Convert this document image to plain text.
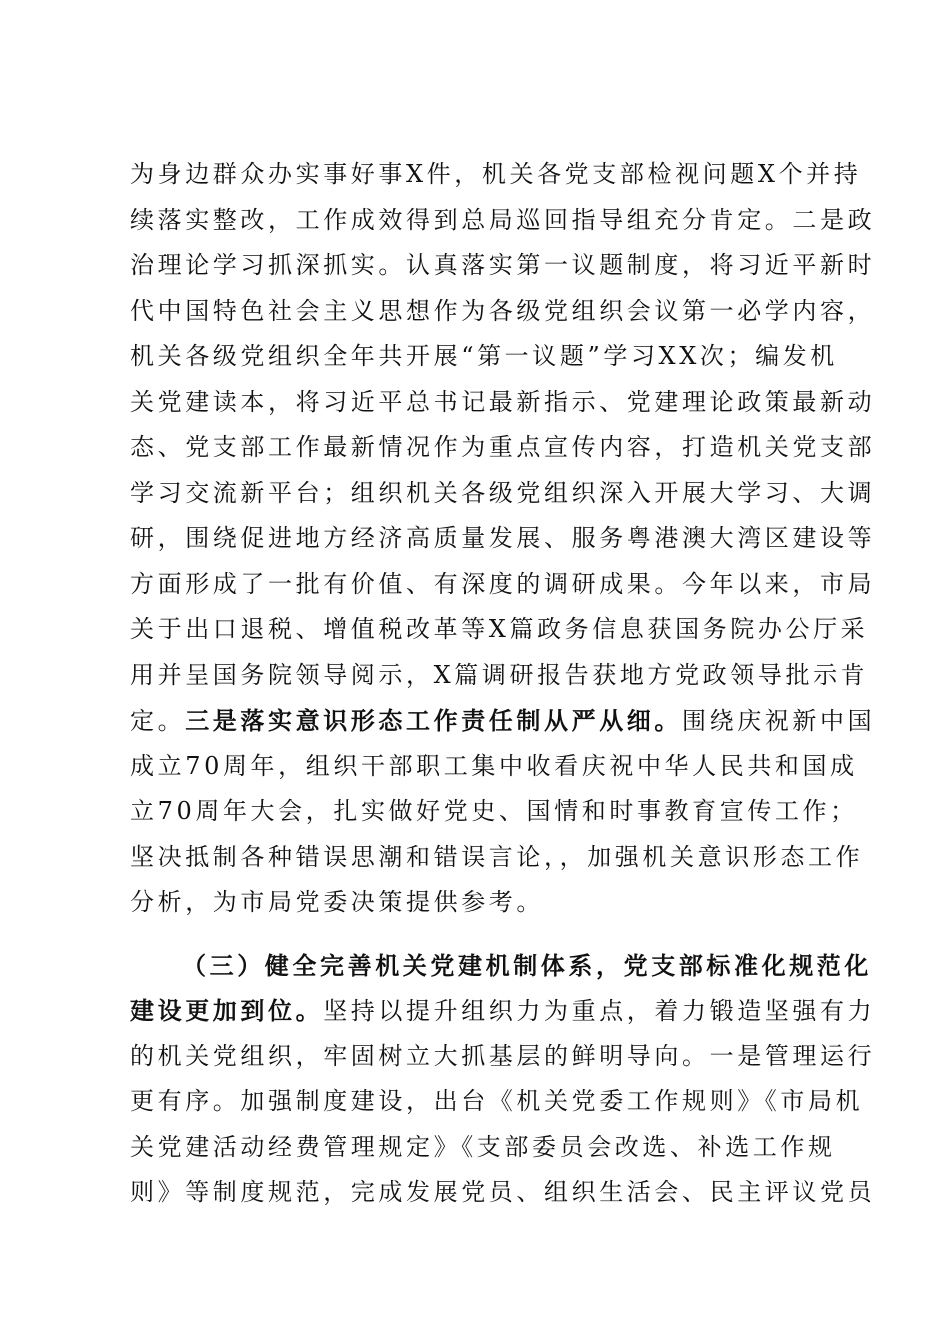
为身边群众办实事好事X件，机关各党支部检视问题X个并持
续落实整改，工作成效得到总局巡回指导组充分肯定。二是政
治理论学习抓深抓实。认真落实第一议题制度，将习近平新时
代中国特色社会主义思想作为各级党组织会议第一必学内容，
机关各级党组织全年共开展“第一议题”学习XX次；编发机
关党建读本，将习近平总书记最新指示、党建理论政策最新动
态、党支部工作最新情况作为重点宣传内容，打造机关党支部
学习交流新平台；组织机关各级党组织深入开展大学习、大调
研，围绕促进地方经济高质量发展、服务粤港澳大湾区建设等
方面形成了一批有价值、有深度的调研成果。今年以来，市局
关于出口退税、增值税改革等X篇政务信息获国务院办公厅采
用并呈国务院领导阅示，X篇调研报告获地方党政领导批示肯
定。三是落实意识形态工作责任制从严从细。围绕庆祝新中国
成立70周年，组织干部职工集中收看庆祝中华人民共和国成
立70周年大会，扎实做好党史、国情和时事教育宣传工作；
坚决抵制各种错误思潮和错误言论，，加强机关意识形态工作
分析，为市局党委决策提供参考。
（三）健全完善机关党建机制体系，党支部标准化规范化
建设更加到位。坚持以提升组织力为重点，着力锻造坚强有力
的机关党组织，牢固树立大抓基层的鲜明导向。一是管理运行
更有序。加强制度建设，出台《机关党委工作规则》《市局机
关党建活动经费管理规定》《支部委员会改选、补选工作规
则》等制度规范，完成发展党员、组织生活会、民主评议党员
